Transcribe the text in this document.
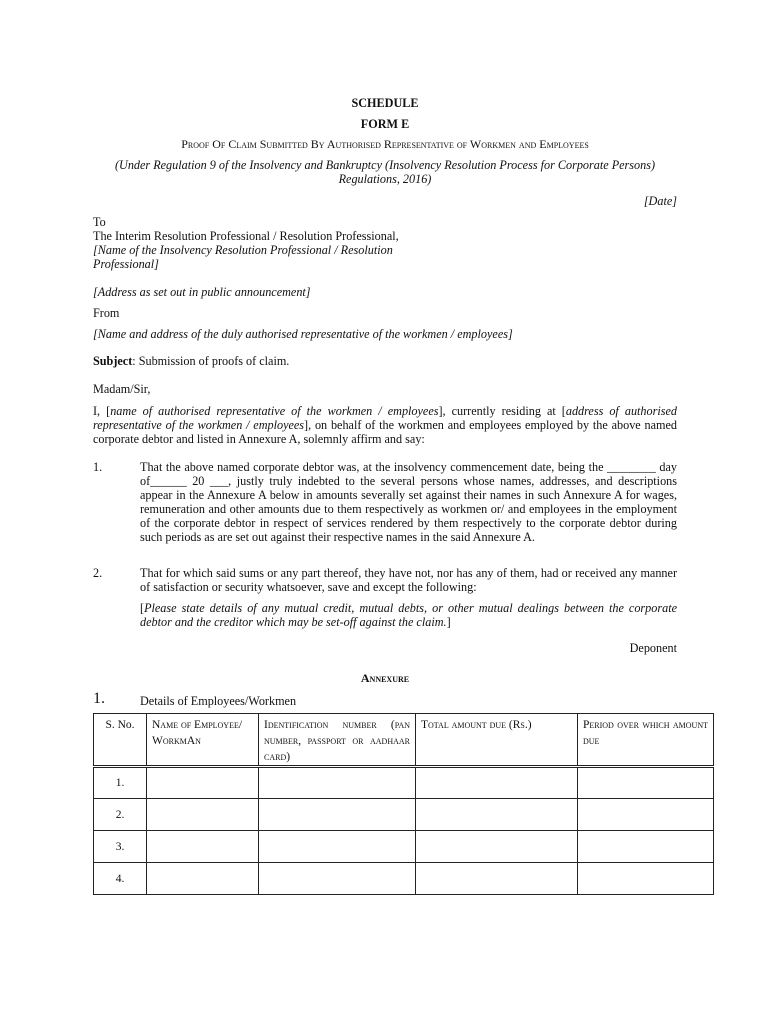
SCHEDULE
FORM E
Proof Of Claim Submitted By Authorised Representative of Workmen and Employees
(Under Regulation 9 of the Insolvency and Bankruptcy (Insolvency Resolution Process for Corporate Persons)
Regulations, 2016)
[Date]
To
The Interim Resolution Professional / Resolution Professional,
[Name of the Insolvency Resolution Professional / Resolution
Professional]
[Address as set out in public announcement]
From
[Name and address of the duly authorised representative of the workmen / employees]
Subject: Submission of proofs of claim.
Madam/Sir,
I, [name of authorised representative of the workmen / employees], currently residing at [address of authorised representative of the workmen / employees], on behalf of the workmen and employees employed by the above named corporate debtor and listed in Annexure A, solemnly affirm and say:
1.	That the above named corporate debtor was, at the insolvency commencement date, being the ________ day of______ 20 ___, justly truly indebted to the several persons whose names, addresses, and descriptions appear in the Annexure A below in amounts severally set against their names in such Annexure A for wages, remuneration and other amounts due to them respectively as workmen or/ and employees in the employment of the corporate debtor in respect of services rendered by them respectively to the corporate debtor during such periods as are set out against their respective names in the said Annexure A.
2.	That for which said sums or any part thereof, they have not, nor has any of them, had or received any manner of satisfaction or security whatsoever, save and except the following:
[Please state details of any mutual credit, mutual debts, or other mutual dealings between the corporate debtor and the creditor which may be set-off against the claim.]
Deponent
Annexure
1.	Details of Employees/Workmen
S. No.	Name of Employee/ WorkmAn	Identification number (pan number, passport or aadhaar card)	Total amount due (Rs.)	Period over which amount due
1.				
2.				
3.				
4.				
